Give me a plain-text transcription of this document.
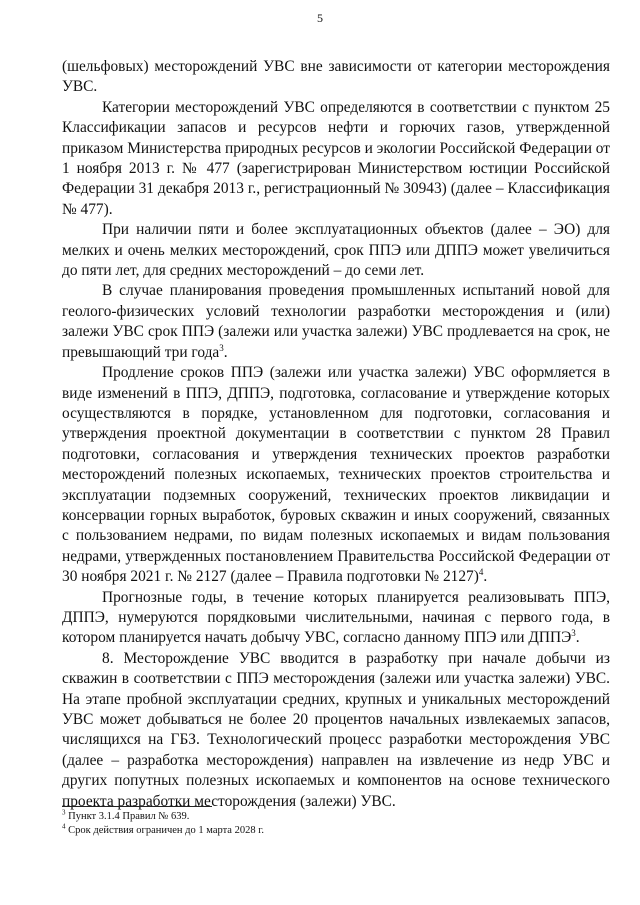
5

(шельфовых) месторождений УВС вне зависимости от категории месторождения УВС.

Категории месторождений УВС определяются в соответствии с пунктом 25 Классификации запасов и ресурсов нефти и горючих газов, утвержденной приказом Министерства природных ресурсов и экологии Российской Федерации от 1 ноября 2013 г. № 477 (зарегистрирован Министерством юстиции Российской Федерации 31 декабря 2013 г., регистрационный № 30943) (далее – Классификация № 477).

При наличии пяти и более эксплуатационных объектов (далее – ЭО) для мелких и очень мелких месторождений, срок ППЭ или ДППЭ может увеличиться до пяти лет, для средних месторождений – до семи лет.

В случае планирования проведения промышленных испытаний новой для геолого-физических условий технологии разработки месторождения и (или) залежи УВС срок ППЭ (залежи или участка залежи) УВС продлевается на срок, не превышающий три года$^3$.

Продление сроков ППЭ (залежи или участка залежи) УВС оформляется в виде изменений в ППЭ, ДППЭ, подготовка, согласование и утверждение которых осуществляются в порядке, установленном для подготовки, согласования и утверждения проектной документации в соответствии с пунктом 28 Правил подготовки, согласования и утверждения технических проектов разработки месторождений полезных ископаемых, технических проектов строительства и эксплуатации подземных сооружений, технических проектов ликвидации и консервации горных выработок, буровых скважин и иных сооружений, связанных с пользованием недрами, по видам полезных ископаемых и видам пользования недрами, утвержденных постановлением Правительства Российской Федерации от 30 ноября 2021 г. № 2127 (далее – Правила подготовки № 2127)$^4$.

Прогнозные годы, в течение которых планируется реализовывать ППЭ, ДППЭ, нумеруются порядковыми числительными, начиная с первого года, в котором планируется начать добычу УВС, согласно данному ППЭ или ДППЭ$^3$.

8. Месторождение УВС вводится в разработку при начале добычи из скважин в соответствии с ППЭ месторождения (залежи или участка залежи) УВС. На этапе пробной эксплуатации средних, крупных и уникальных месторождений УВС может добываться не более 20 процентов начальных извлекаемых запасов, числящихся на ГБЗ. Технологический процесс разработки месторождения УВС (далее – разработка месторождения) направлен на извлечение из недр УВС и других попутных полезных ископаемых и компонентов на основе технического проекта разработки месторождения (залежи) УВС.

$^3$ Пункт 3.1.4 Правил № 639.
$^4$ Срок действия ограничен до 1 марта 2028 г.
